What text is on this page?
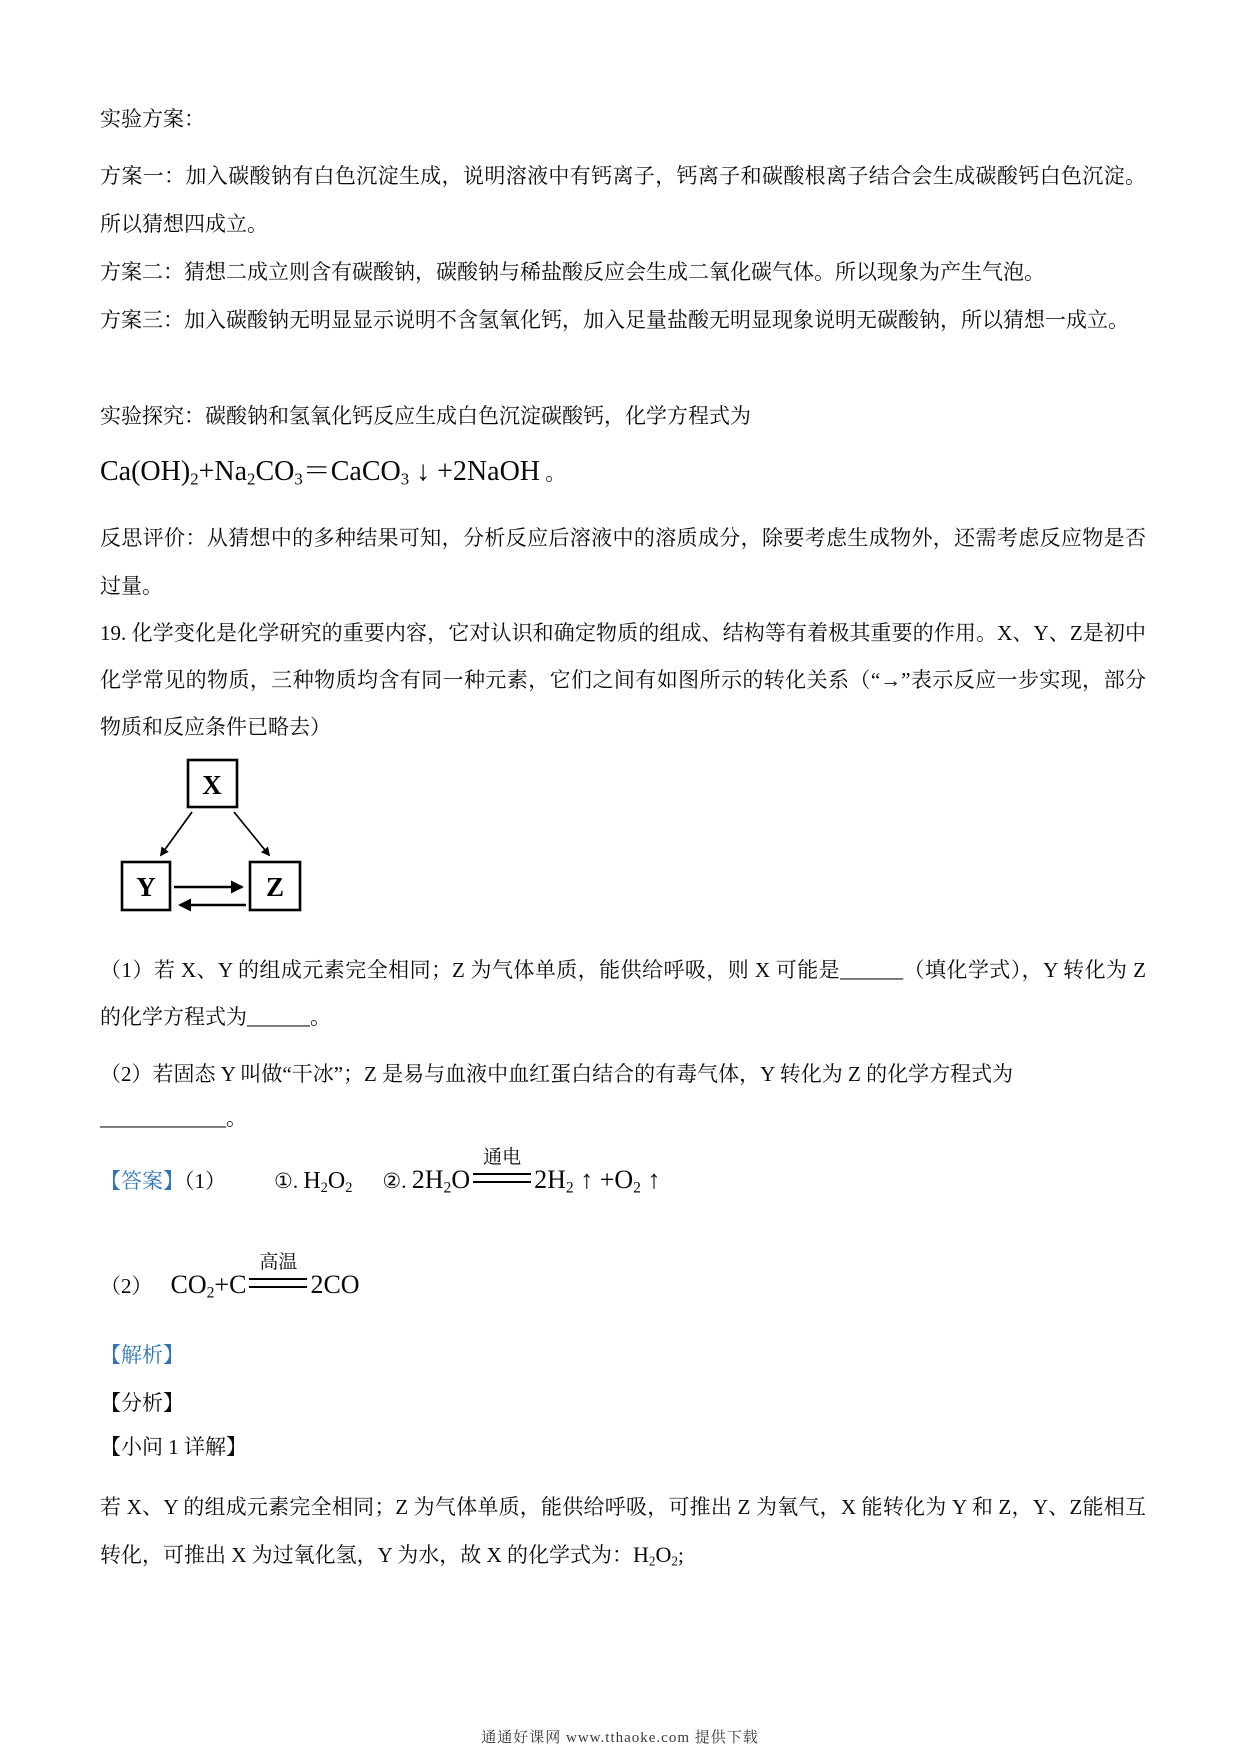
实验方案：
方案一：加入碳酸钠有白色沉淀生成，说明溶液中有钙离子，钙离子和碳酸根离子结合会生成碳酸钙白色沉淀。所以猜想四成立。
方案二：猜想二成立则含有碳酸钠，碳酸钠与稀盐酸反应会生成二氧化碳气体。所以现象为产生气泡。
方案三：加入碳酸钠无明显显示说明不含氢氧化钙，加入足量盐酸无明显现象说明无碳酸钠，所以猜想一成立。
实验探究：碳酸钠和氢氧化钙反应生成白色沉淀碳酸钙，化学方程式为
Ca(OH)2+Na2CO3＝CaCO3 ↓ +2NaOH 。
反思评价：从猜想中的多种结果可知，分析反应后溶液中的溶质成分，除要考虑生成物外，还需考虑反应物是否过量。
19. 化学变化是化学研究的重要内容，它对认识和确定物质的组成、结构等有着极其重要的作用。X、Y、Z是初中化学常见的物质，三种物质均含有同一种元素，它们之间有如图所示的转化关系（“→”表示反应一步实现，部分物质和反应条件已略去）
X
Y	Z
（1）若 X、Y 的组成元素完全相同；Z 为气体单质，能供给呼吸，则 X 可能是______（填化学式），Y 转化为 Z 的化学方程式为______。
（2）若固态 Y 叫做“干冰”；Z 是易与血液中血红蛋白结合的有毒气体，Y 转化为 Z 的化学方程式为
____________。
【答案】（1） ①. H2O2 ②. 2H2O
通电
2H2 ↑ +O2 ↑
（2） CO2+C
高温
2CO
【解析】
【分析】
【小问 1 详解】
若 X、Y 的组成元素完全相同；Z 为气体单质，能供给呼吸，可推出 Z 为氧气，X 能转化为 Y 和 Z，Y、Z能相互转化，可推出 X 为过氧化氢，Y 为水，故 X 的化学式为：H2O2;
通通好课网 www.tthaoke.com 提供下载
